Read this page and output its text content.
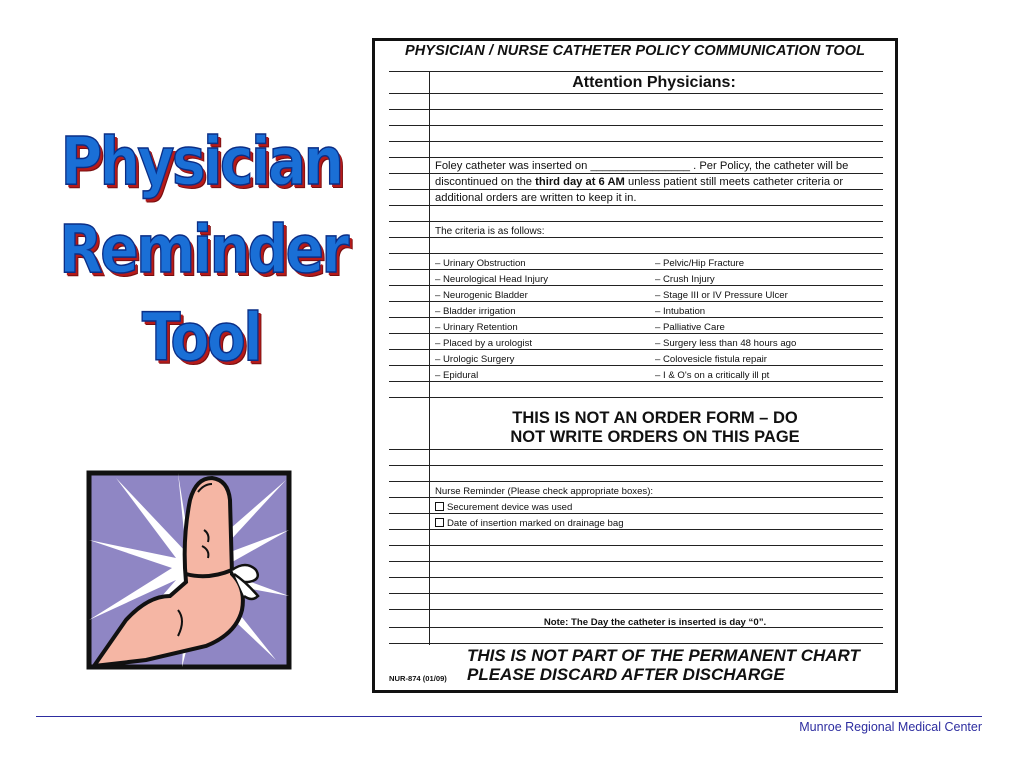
Physician
Reminder
Tool
PHYSICIAN / NURSE CATHETER POLICY COMMUNICATION TOOL
Attention Physicians:
Foley catheter was inserted on ________________ . Per Policy, the catheter will be
discontinued on the third day at 6 AM unless patient still meets catheter criteria or
additional orders are written to keep it in.
The criteria is as follows:
– Urinary Obstruction
– Neurological Head Injury
– Neurogenic Bladder
– Bladder irrigation
– Urinary Retention
– Placed by a urologist
– Urologic Surgery
– Epidural
– Pelvic/Hip Fracture
– Crush Injury
– Stage III or IV Pressure Ulcer
– Intubation
– Palliative Care
– Surgery less than 48 hours ago
– Colovesicle fistula repair
– I & O's on a critically ill pt
THIS IS NOT AN ORDER FORM – DO
NOT WRITE ORDERS ON THIS PAGE
Nurse Reminder (Please check appropriate boxes):
Securement device was used
Date of insertion marked on drainage bag
Note: The Day the catheter is inserted is day “0”.
THIS IS NOT PART OF THE PERMANENT CHART
PLEASE DISCARD AFTER DISCHARGE
NUR-874 (01/09)
Munroe Regional Medical Center
